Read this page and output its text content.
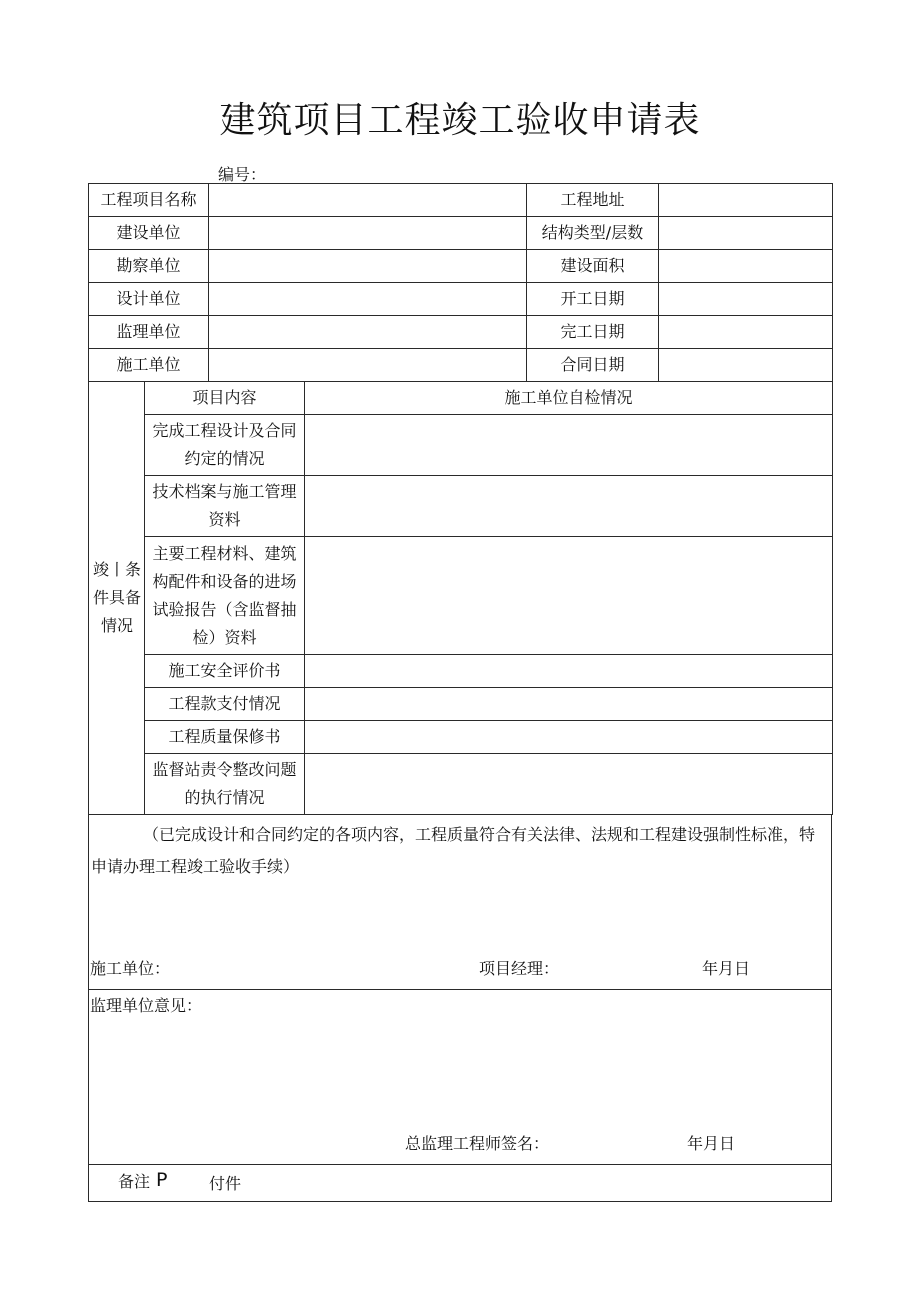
建筑项目工程竣工验收申请表
编号：
工程项目名称		工程地址	
建设单位		结构类型/层数	
勘察单位		建设面积	
设计单位		开工日期	
监理单位		完工日期	
施工单位		合同日期	
竣丨条件具备情况	项目内容	施工单位自检情况
	完成工程设计及合同约定的情况	
	技术档案与施工管理资料	
	主要工程材料、建筑构配件和设备的进场试验报告（含监督抽检）资料	
	施工安全评价书	
	工程款支付情况	
	工程质量保修书	
	监督站责令整改问题的执行情况	
（已完成设计和合同约定的各项内容，工程质量符合有关法律、法规和工程建设强制性标准，特申请办理工程竣工验收手续）
施工单位：	项目经理：	年月日

监理单位意见：
总监理工程师签名：	年月日
备注 P	付件
